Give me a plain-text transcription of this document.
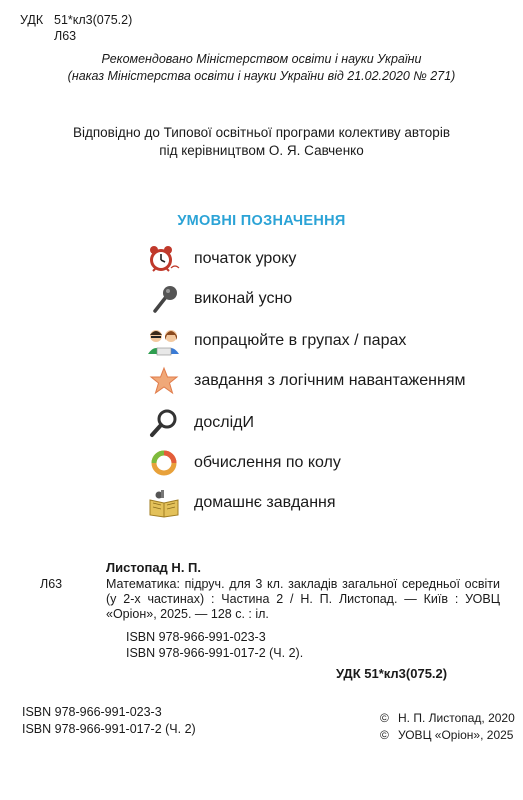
УДК 51*кл3(075.2)
Л63
Рекомендовано Міністерством освіти і науки України
(наказ Міністерства освіти і науки України від 21.02.2020 № 271)
Відповідно до Типової освітньої програми колективу авторів
під керівництвом О. Я. Савченко
УМОВНІ ПОЗНАЧЕННЯ
початок уроку
виконай усно
попрацюйте в групах / парах
завдання з логічним навантаженням
дослідИ
обчислення по колу
домашнє завдання
Листопад Н. П.
Л63	Математика: підруч. для 3 кл. закладів загальної середньої освіти (у 2-х частинах) : Частина 2 / Н. П. Листопад. — Київ : УОВЦ «Оріон», 2025. — 128 с. : іл.
ISBN 978-966-991-023-3
ISBN 978-966-991-017-2 (Ч. 2).
УДК 51*кл3(075.2)
ISBN 978-966-991-023-3
ISBN 978-966-991-017-2 (Ч. 2)
© Н. П. Листопад, 2020
© УОВЦ «Оріон», 2025
